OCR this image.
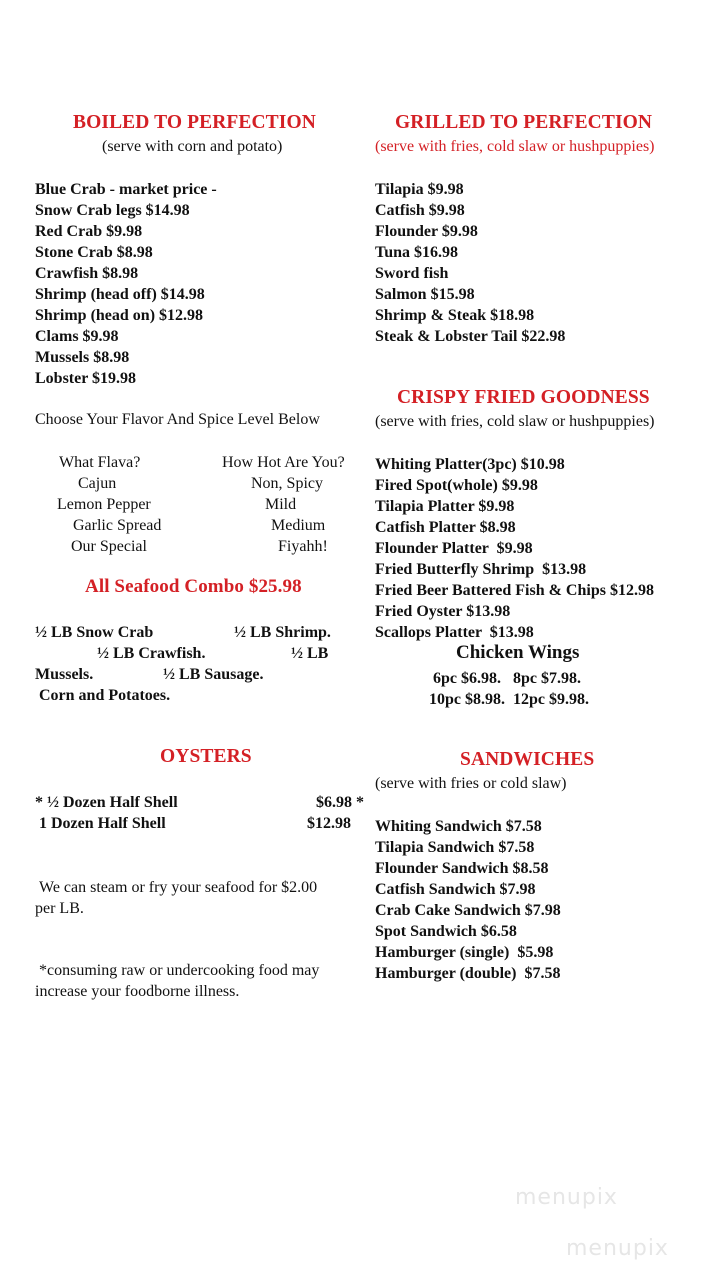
BOILED TO PERFECTION
(serve with corn and potato)
Blue Crab - market price -
Snow Crab legs $14.98
Red Crab $9.98
Stone Crab $8.98
Crawfish $8.98
Shrimp (head off) $14.98
Shrimp (head on) $12.98
Clams $9.98
Mussels $8.98
Lobster $19.98
Choose Your Flavor And Spice Level Below
What Flava?
Cajun
Lemon Pepper
Garlic Spread
Our Special
How Hot Are You?
Non, Spicy
Mild
Medium
Fiyahh!
All Seafood Combo $25.98
½ LB Snow Crab	½ LB Shrimp.
½ LB Crawfish.	½ LB
Mussels.	½ LB Sausage.
Corn and Potatoes.
OYSTERS
* ½ Dozen Half Shell	$6.98 *
1 Dozen Half Shell	$12.98
We can steam or fry your seafood for $2.00
per LB.
*consuming raw or undercooking food may
increase your foodborne illness.
GRILLED TO PERFECTION
(serve with fries, cold slaw or hushpuppies)
Tilapia $9.98
Catfish $9.98
Flounder $9.98
Tuna $16.98
Sword fish
Salmon $15.98
Shrimp & Steak $18.98
Steak & Lobster Tail $22.98
CRISPY FRIED GOODNESS
(serve with fries, cold slaw or hushpuppies)
Whiting Platter(3pc) $10.98
Fired Spot(whole) $9.98
Tilapia Platter $9.98
Catfish Platter $8.98
Flounder Platter  $9.98
Fried Butterfly Shrimp  $13.98
Fried Beer Battered Fish & Chips $12.98
Fried Oyster $13.98
Scallops Platter  $13.98
Chicken Wings
6pc $6.98.   8pc $7.98.
10pc $8.98.  12pc $9.98.
SANDWICHES
(serve with fries or cold slaw)
Whiting Sandwich $7.58
Tilapia Sandwich $7.58
Flounder Sandwich $8.58
Catfish Sandwich $7.98
Crab Cake Sandwich $7.98
Spot Sandwich $6.58
Hamburger (single)  $5.98
Hamburger (double)  $7.58
menupix
menupix
